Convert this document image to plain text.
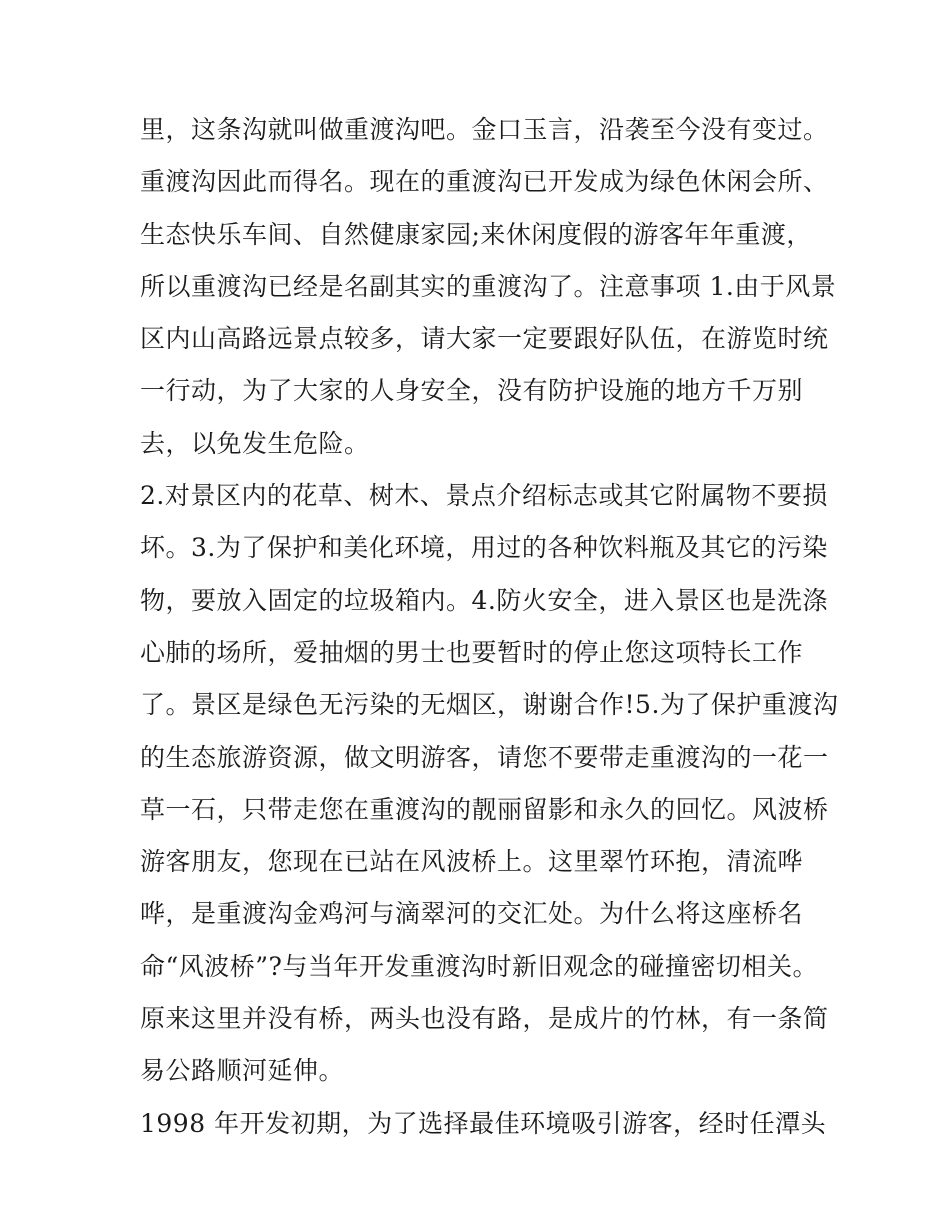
里，这条沟就叫做重渡沟吧。金口玉言，沿袭至今没有变过。
重渡沟因此而得名。现在的重渡沟已开发成为绿色休闲会所、
生态快乐车间、自然健康家园;来休闲度假的游客年年重渡，
所以重渡沟已经是名副其实的重渡沟了。注意事项 1.由于风景
区内山高路远景点较多，请大家一定要跟好队伍，在游览时统
一行动，为了大家的人身安全，没有防护设施的地方千万别
去，以免发生危险。
2.对景区内的花草、树木、景点介绍标志或其它附属物不要损
坏。3.为了保护和美化环境，用过的各种饮料瓶及其它的污染
物，要放入固定的垃圾箱内。4.防火安全，进入景区也是洗涤
心肺的场所，爱抽烟的男士也要暂时的停止您这项特长工作
了。景区是绿色无污染的无烟区，谢谢合作!5.为了保护重渡沟
的生态旅游资源，做文明游客，请您不要带走重渡沟的一花一
草一石，只带走您在重渡沟的靓丽留影和永久的回忆。风波桥
游客朋友，您现在已站在风波桥上。这里翠竹环抱，清流哗
哗，是重渡沟金鸡河与滴翠河的交汇处。为什么将这座桥名
命“风波桥”?与当年开发重渡沟时新旧观念的碰撞密切相关。
原来这里并没有桥，两头也没有路，是成片的竹林，有一条简
易公路顺河延伸。
1998 年开发初期，为了选择最佳环境吸引游客，经时任潭头
